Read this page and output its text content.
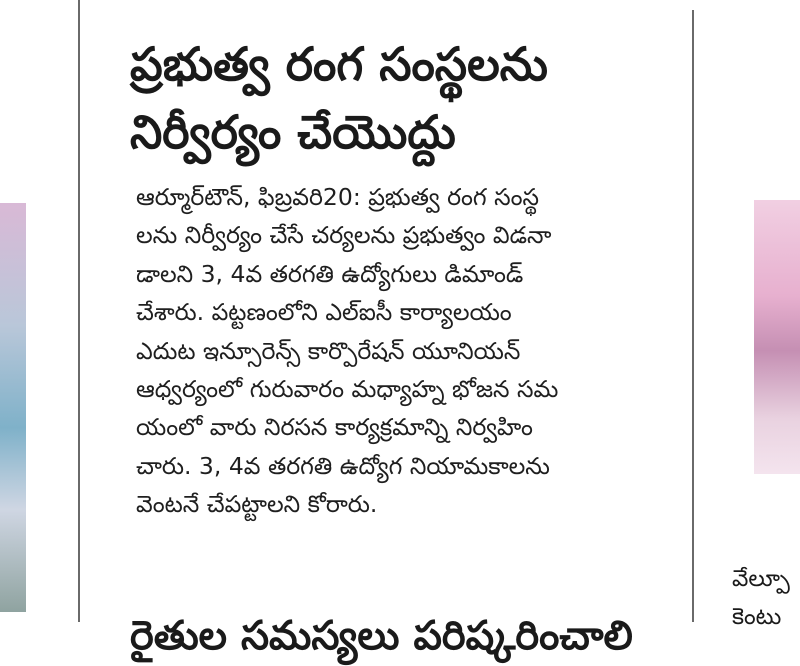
ప్రభుత్వ రంగ సంస్థలను
నిర్వీర్యం చేయొద్దు
ఆర్మూర్‌టౌన్, ఫిబ్రవరి20: ప్రభుత్వ రంగ సంస్థ
లను నిర్వీర్యం చేసే చర్యలను ప్రభుత్వం విడనా
డాలని 3, 4వ తరగతి ఉద్యోగులు డిమాండ్
చేశారు. పట్టణంలోని ఎల్‌ఐసీ కార్యాలయం
ఎదుట ఇన్సూరెన్స్ కార్పొరేషన్ యూనియన్
ఆధ్వర్యంలో గురువారం మధ్యాహ్న భోజన సమ
యంలో వారు నిరసన కార్యక్రమాన్ని నిర్వహిం
చారు. 3, 4వ తరగతి ఉద్యోగ నియామకాలను
వెంటనే చేపట్టాలని కోరారు.
రైతుల సమస్యలు పరిష్కరించాలి
వేల్పూ
కెంటు
